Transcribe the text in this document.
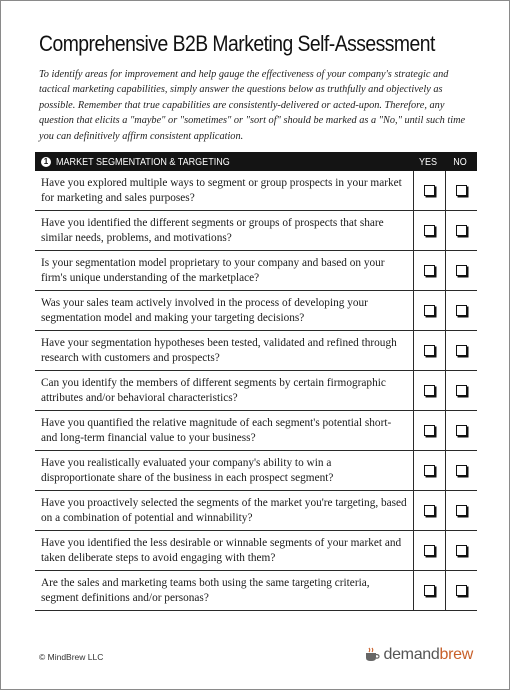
Comprehensive B2B Marketing Self-Assessment
To identify areas for improvement and help gauge the effectiveness of your company's strategic and tactical marketing capabilities, simply answer the questions below as truthfully and objectively as possible. Remember that true capabilities are consistently-delivered or acted-upon. Therefore, any question that elicits a "maybe" or "sometimes" or "sort of" should be marked as a "No," until such time you can definitively affirm consistent application.
1 MARKET SEGMENTATION & TARGETING	YES	NO
Have you explored multiple ways to segment or group prospects in your market for marketing and sales purposes?
Have you identified the different segments or groups of prospects that share similar needs, problems, and motivations?
Is your segmentation model proprietary to your company and based on your firm's unique understanding of the marketplace?
Was your sales team actively involved in the process of developing your segmentation model and making your targeting decisions?
Have your segmentation hypotheses been tested, validated and refined through research with customers and prospects?
Can you identify the members of different segments by certain firmographic attributes and/or behavioral characteristics?
Have you quantified the relative magnitude of each segment's potential short- and long-term financial value to your business?
Have you realistically evaluated your company's ability to win a disproportionate share of the business in each prospect segment?
Have you proactively selected the segments of the market you're targeting, based on a combination of potential and winnability?
Have you identified the less desirable or winnable segments of your market and taken deliberate steps to avoid engaging with them?
Are the sales and marketing teams both using the same targeting criteria, segment definitions and/or personas?
© MindBrew LLC	demandbrew
